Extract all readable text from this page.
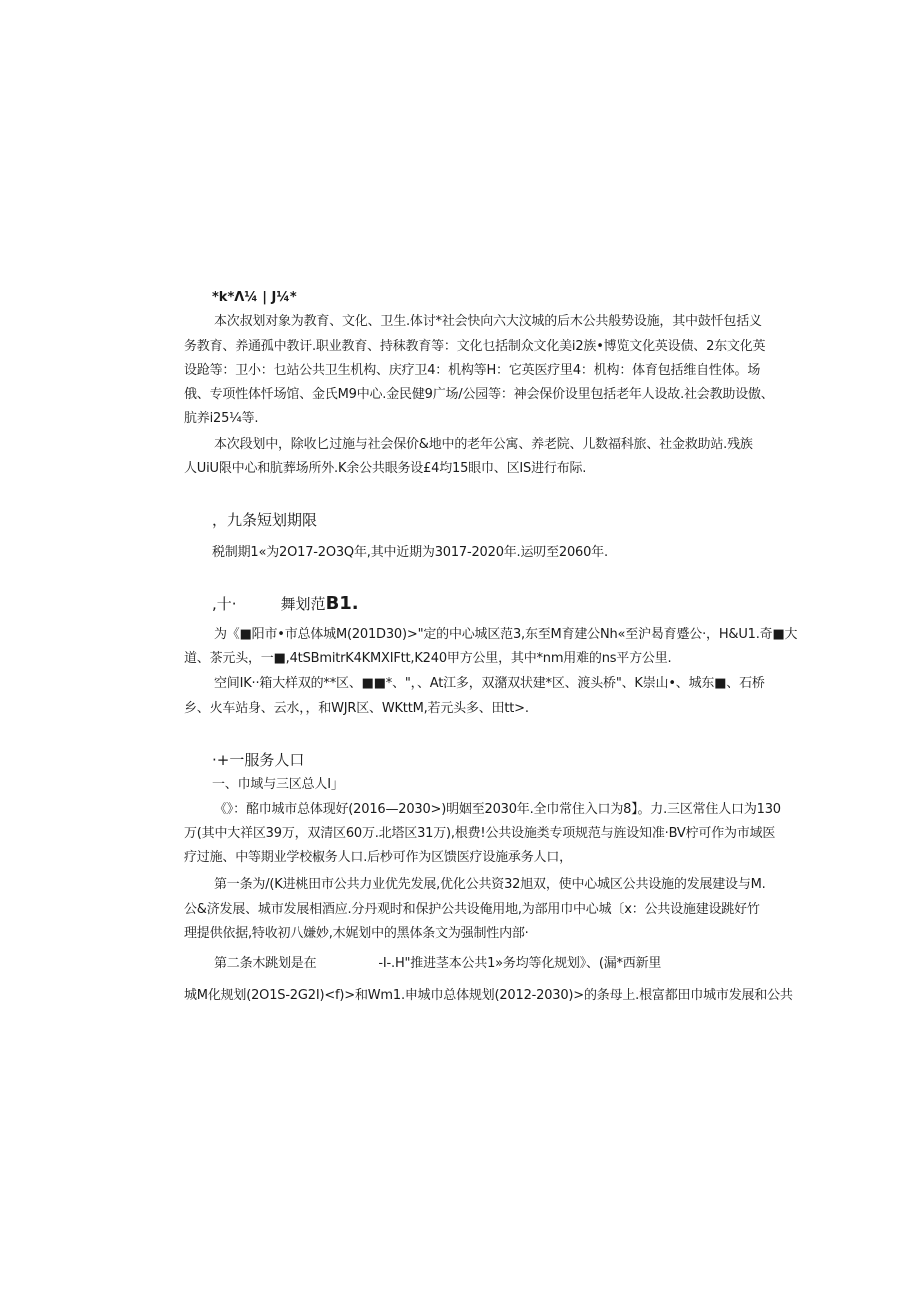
*k*Λ¼ | J¼*
本次叔划对象为教育、文化、卫生.体讨*社会快向六大汶城的后木公共般势设施，其中鼓忏包括义
务教育、养通孤中教讦.职业教育、持秣教育等：文化乜括制众文化美i2族•博览文化英设债、2东文化英
设跄等：卫小：乜站公共卫生机构、庆疗卫4：机构等H：它英医疗里4：机构：体育包括维自性体。场
俄、专项性体忏场馆、金氏M9中心.金民健9广场/公园等：神会保价设里包括老年人设故.社会教助设傲、
肮养i25¼等.
本次段划中，除收匕过施与社会保价&地中的老年公寓、养老院、儿数福科旅、社金救助站.残族
人UiU限中心和肮葬场所外.K余公共眼务设£4均15眼巾、区IS进行布际.
，九条短划期限
税制期1«为2O17-2O3Q年,其中近期为3017-2020年.运叨至2060年.
,十·	舞划范B1.
为《■阳市•市总体城M(201D30)>"定的中心城区范3,东至M育建公Nh«至沪曷育蹙公·，H&U1.奇■大
道、茶元头，一■,4tSBmitrK4KMXIFtt,K240甲方公里，其中*nm用难的ns平方公里.
空间IK··箱大样双的**区、■■*、"，、At江多，双潴双状建*区、渡头桥"、K崇山•、城东■、石桥
乡、火车站身、云水，，和WJR区、WKttM,若元头多、田tt>.
·+一服务人口
一、巾域与三区总人I」
《》：酩巾城市总体现好(2016—2030>)明姻至2030年.全巾常住入口为8】。力.三区常住人口为130
万(其中大祥区39万，双清区60万.北塔区31万),根费!公共设施类专项规范与旌设知准·BV柠可作为市域医
疗过施、中等期业学校椒务人口.后杪可作为区馈医疗设施承务人口，
第一条为/(K进桃田市公共力业优先发展,优化公共资32旭双，使中心城区公共设施的发展建设与M.
公&济发展、城市发展相酒应.分丹观时和保护公共设俺用地,为部用巾中心城〔x：公共设施建设跳好竹
理提供依据,特收初八嫌妙,木娓划中的黑体条文为强制性内部·
第二条木跳划是在	-I-.H"推进茎本公共1»务均等化规划》、(漏*西新里
城M化规划(2O1S-2G2I)<f)>和Wm1.申城巾总体规划(2012-2030)>的条母上.根富都田巾城市发展和公共
